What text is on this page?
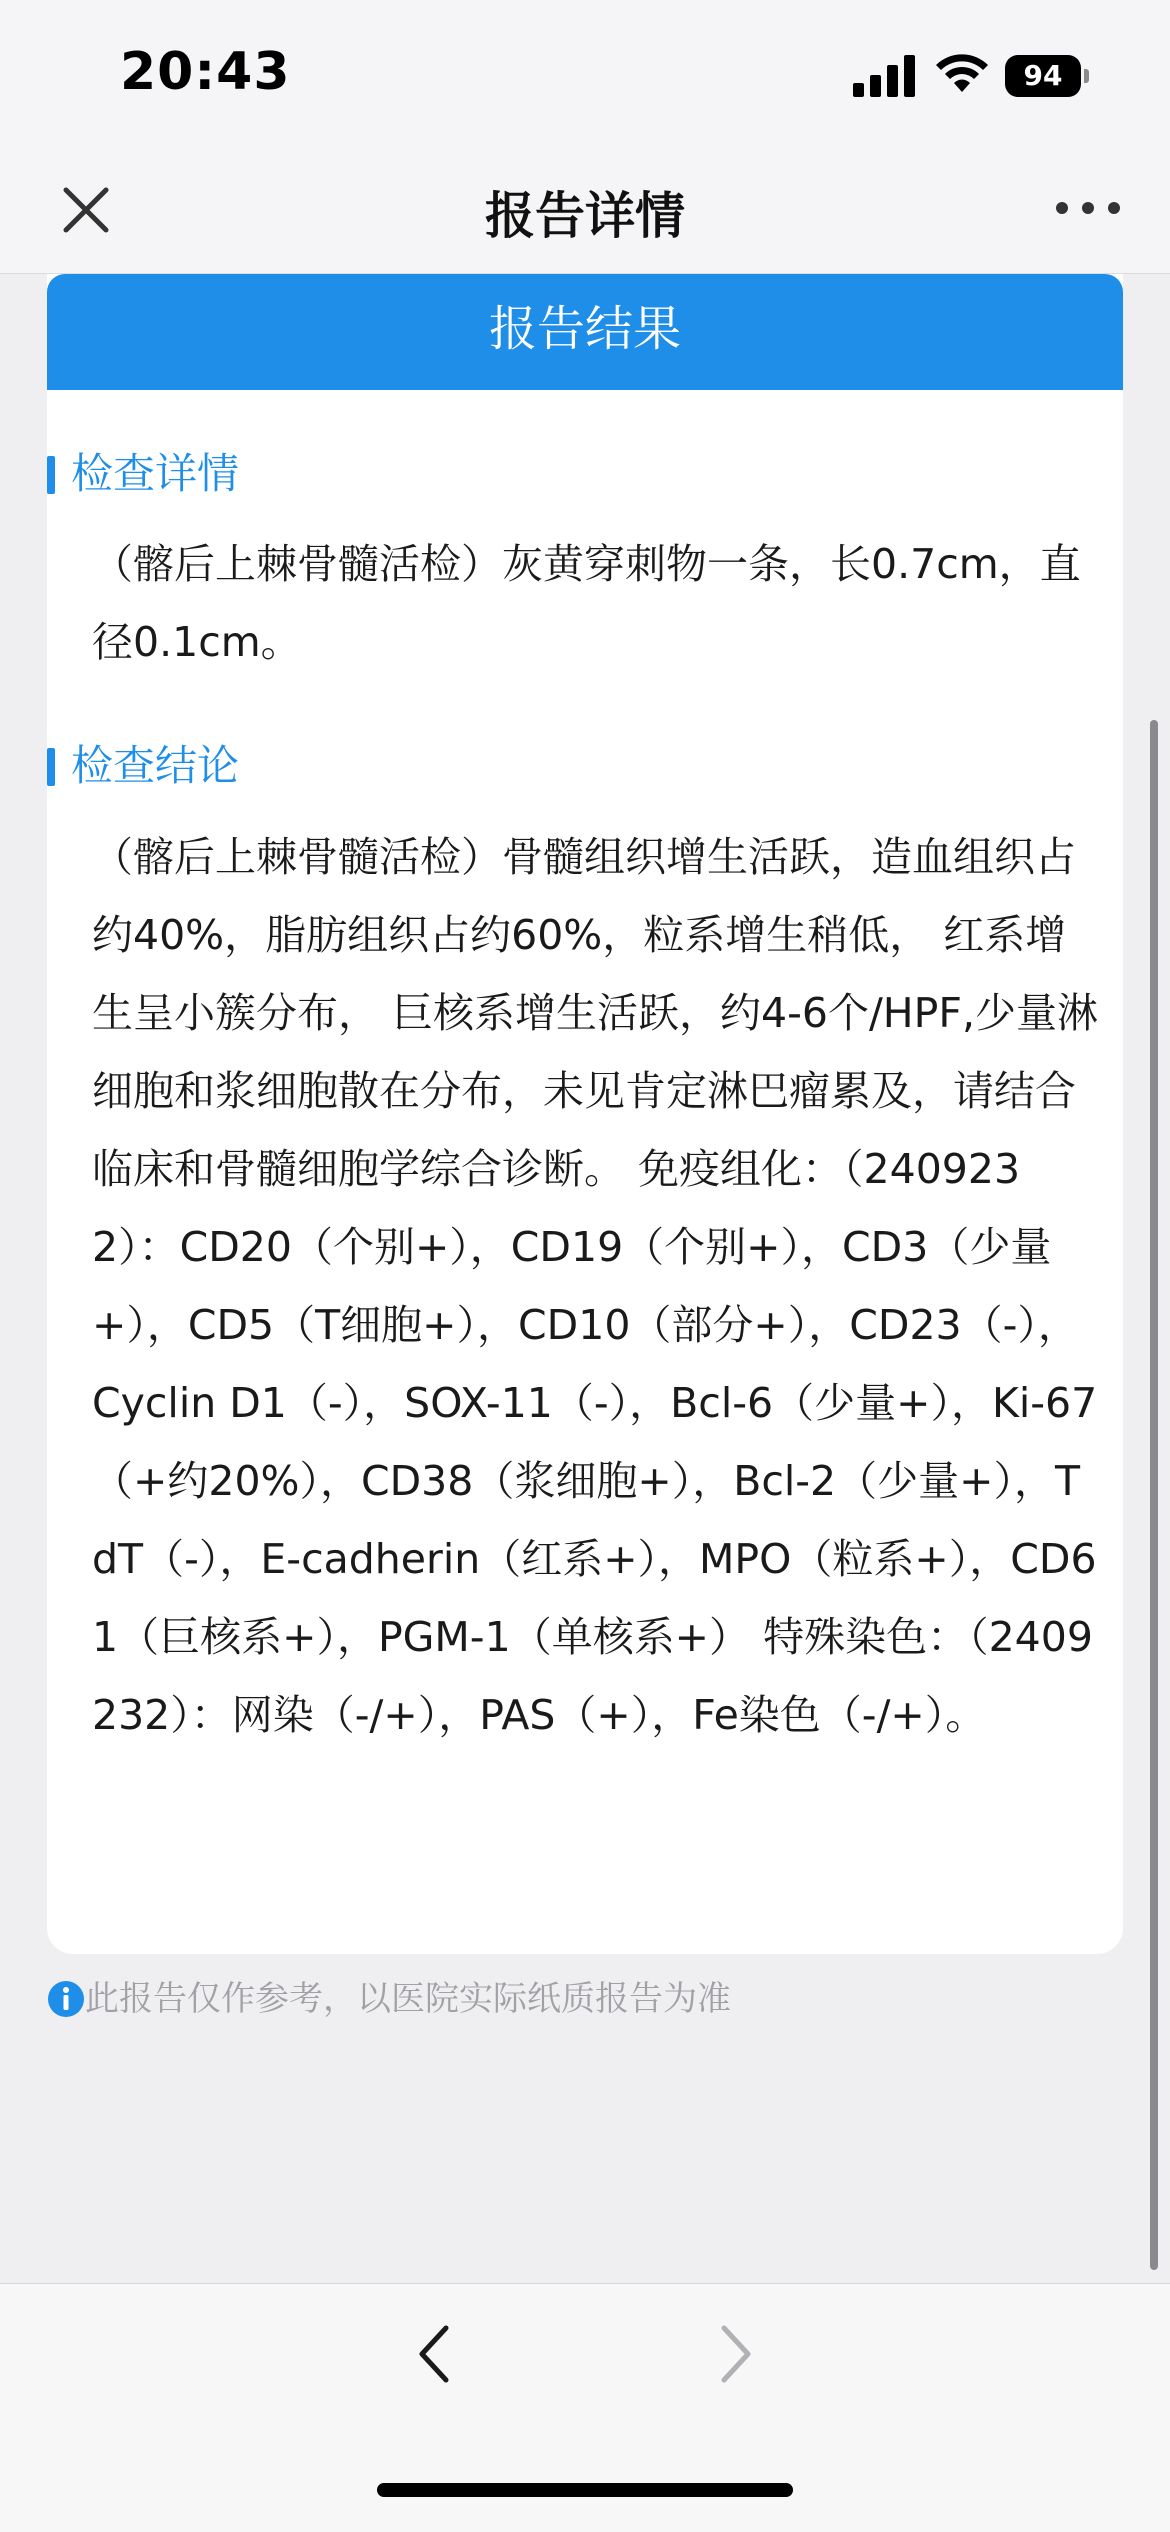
20:43	94
报告详情
报告结果
检查详情
（髂后上棘骨髓活检）灰黄穿刺物一条，长0.7cm，直径0.1cm。
检查结论
（髂后上棘骨髓活检）骨髓组织增生活跃，造血组织占约40%，脂肪组织占约60%，粒系增生稍低， 红系增生呈小簇分布， 巨核系增生活跃，约4-6个/HPF,少量淋细胞和浆细胞散在分布，未见肯定淋巴瘤累及，请结合临床和骨髓细胞学综合诊断。 免疫组化：（2409232）：CD20（个别+），CD19（个别+），CD3（少量+），CD5（T细胞+），CD10（部分+），CD23（-），Cyclin D1（-），SOX-11（-），Bcl-6（少量+），Ki-67（+约20%），CD38（浆细胞+），Bcl-2（少量+），TdT（-），E-cadherin（红系+），MPO（粒系+），CD61（巨核系+），PGM-1（单核系+） 特殊染色：（2409232）：网染（-/+），PAS（+），Fe染色（-/+）。
此报告仅作参考，以医院实际纸质报告为准
